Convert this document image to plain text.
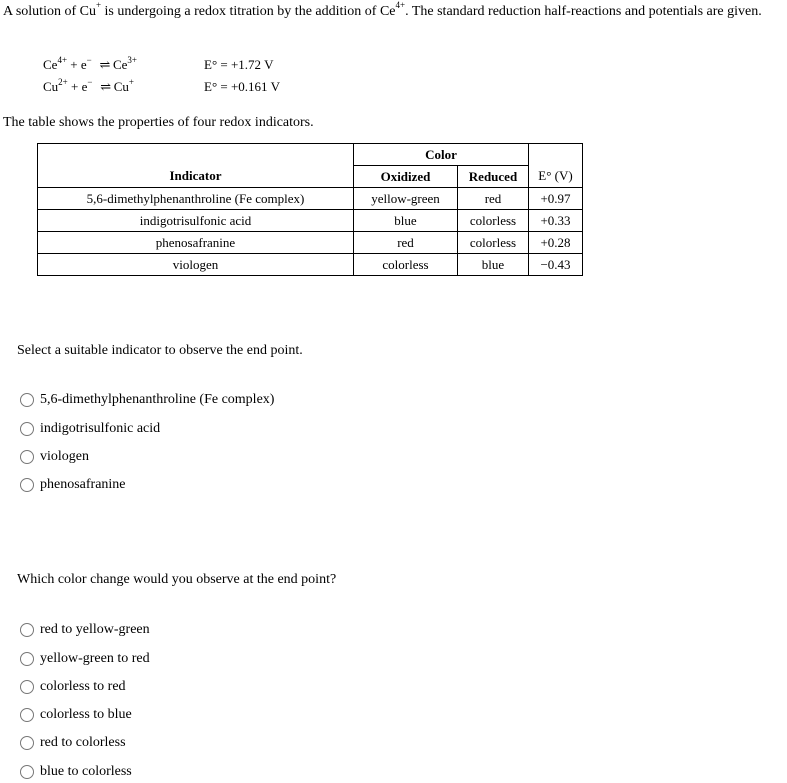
A solution of Cu+ is undergoing a redox titration by the addition of $Ce^{4+}$. The standard reduction half-reactions and potentials are given.
$Ce^{4+} + e^-$ ⇌ $Ce^{3+}$	E° = +1.72 V
$Cu^{2+} + e^-$ ⇌ Cu+	E° = +0.161 V
The table shows the properties of four redox indicators.
	Color		
Indicator	Oxidized	Reduced	E° (V)
5,6-dimethylphenanthroline (Fe complex)	yellow-green	red	+0.97
indigotrisulfonic acid	blue	colorless	+0.33
phenosafranine	red	colorless	+0.28
viologen	colorless	blue	−0.43
Select a suitable indicator to observe the end point.
5,6-dimethylphenanthroline (Fe complex)
indigotrisulfonic acid
viologen
phenosafranine
Which color change would you observe at the end point?
red to yellow-green
yellow-green to red
colorless to red
colorless to blue
red to colorless
blue to colorless
